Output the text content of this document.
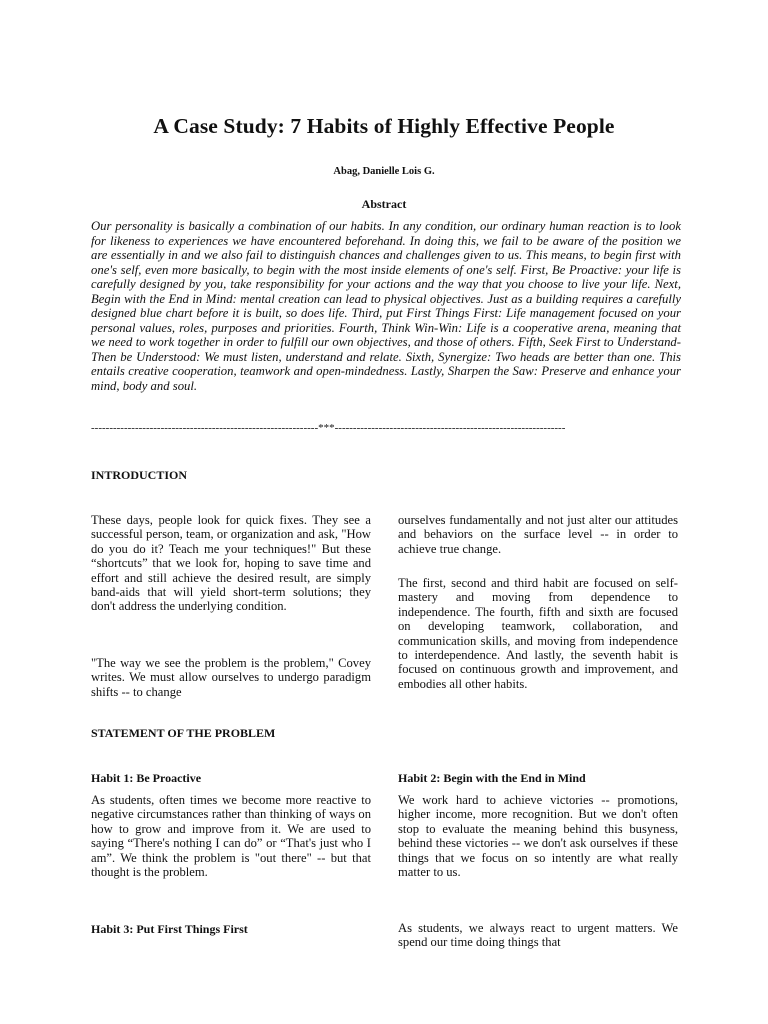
A Case Study: 7 Habits of Highly Effective People
Abag, Danielle Lois G.
Abstract

Our personality is basically a combination of our habits. In any condition, our ordinary human reaction is to look for likeness to experiences we have encountered beforehand. In doing this, we fail to be aware of the position we are essentially in and we also fail to distinguish chances and challenges given to us. This means, to begin first with one's self, even more basically, to begin with the most inside elements of one's self. First, Be Proactive: your life is carefully designed by you, take responsibility for your actions and the way that you choose to live your life. Next, Begin with the End in Mind: mental creation can lead to physical objectives. Just as a building requires a carefully designed blue chart before it is built, so does life. Third, put First Things First: Life management focused on your personal values, roles, purposes and priorities. Fourth, Think Win-Win: Life is a cooperative arena, meaning that we need to work together in order to fulfill our own objectives, and those of others. Fifth, Seek First to Understand-Then be Understood: We must listen, understand and relate. Sixth, Synergize: Two heads are better than one. This entails creative cooperation, teamwork and open-mindedness. Lastly, Sharpen the Saw: Preserve and enhance your mind, body and soul.

--------------------------------------------------------------***---------------------------------------------------------------
INTRODUCTION

These days, people look for quick fixes. They see a successful person, team, or organization and ask, "How do you do it? Teach me your techniques!" But these “shortcuts” that we look for, hoping to save time and effort and still achieve the desired result, are simply band-aids that will yield short-term solutions; they don't address the underlying condition.

"The way we see the problem is the problem," Covey writes. We must allow ourselves to undergo paradigm shifts -- to change

ourselves fundamentally and not just alter our attitudes and behaviors on the surface level -- in order to achieve true change.

The first, second and third habit are focused on self-mastery and moving from dependence to independence. The fourth, fifth and sixth are focused on developing teamwork, collaboration, and communication skills, and moving from independence to interdependence. And lastly, the seventh habit is focused on continuous growth and improvement, and embodies all other habits.

STATEMENT OF THE PROBLEM
Habit 1: Be Proactive

As students, often times we become more reactive to negative circumstances rather than thinking of ways on how to grow and improve from it. We are used to saying “There's nothing I can do” or “That's just who I am”. We think the problem is "out there" -- but that thought is the problem.

Habit 2: Begin with the End in Mind

We work hard to achieve victories -- promotions, higher income, more recognition. But we don't often stop to evaluate the meaning behind this busyness, behind these victories -- we don't ask ourselves if these things that we focus on so intently are what really matter to us.

Habit 3: Put First Things First	As students, we always react to urgent matters. We spend our time doing things that
